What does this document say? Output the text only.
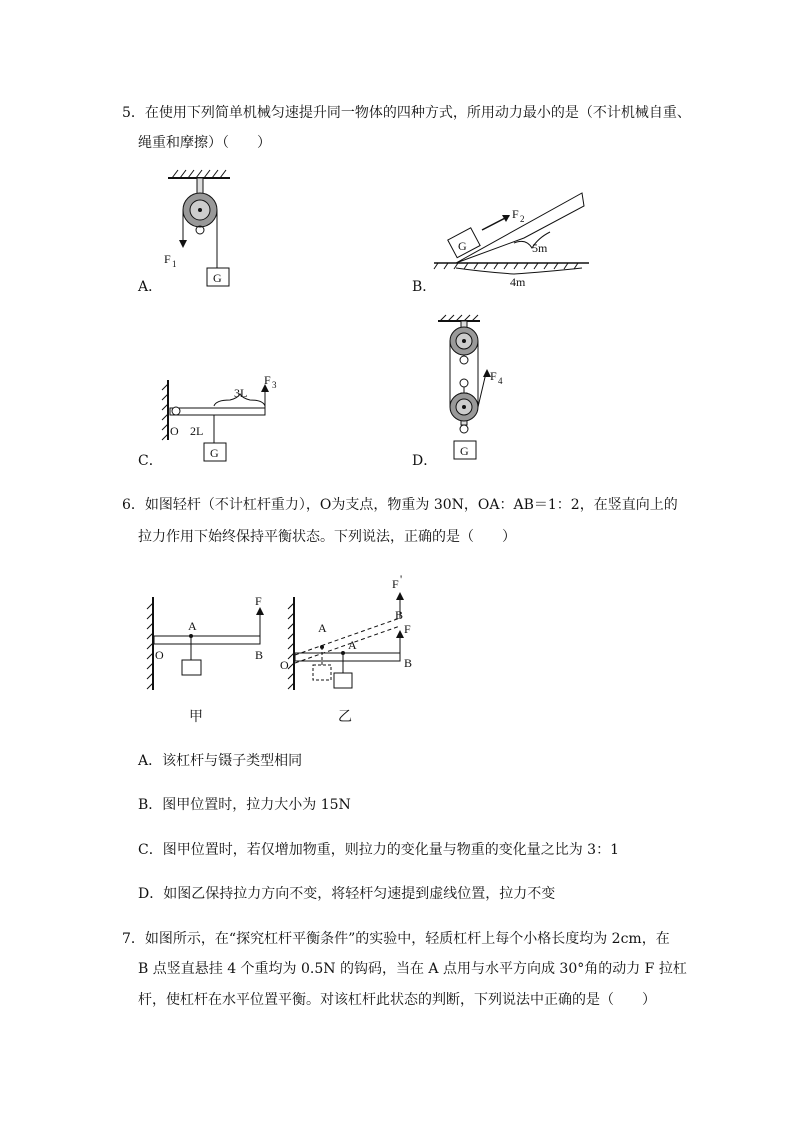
5．在使用下列简单机械匀速提升同一物体的四种方式，所用动力最小的是（不计机械自重、
绳重和摩擦）（　　）
G
F 1
A．
G
F 2
5m
4m
B．
F 3
3L
G
O 2L
C．
F 4
G
D．
6．如图轻杆（不计杠杆重力），O为支点，物重为 30N，OA：AB＝1：2，在竖直向上的
拉力作用下始终保持平衡状态。下列说法，正确的是（　　）
F
A
O	B
甲
F '
B
F
A
A
O	B
乙
A．该杠杆与镊子类型相同
B．图甲位置时，拉力大小为 15N
C．图甲位置时，若仅增加物重，则拉力的变化量与物重的变化量之比为 3：1
D．如图乙保持拉力方向不变，将轻杆匀速提到虚线位置，拉力不变
7．如图所示，在“探究杠杆平衡条件”的实验中，轻质杠杆上每个小格长度均为 2cm，在
B 点竖直悬挂 4 个重均为 0.5N 的钩码，当在 A 点用与水平方向成 30°角的动力 F 拉杠
杆，使杠杆在水平位置平衡。对该杠杆此状态的判断，下列说法中正确的是（　　）
